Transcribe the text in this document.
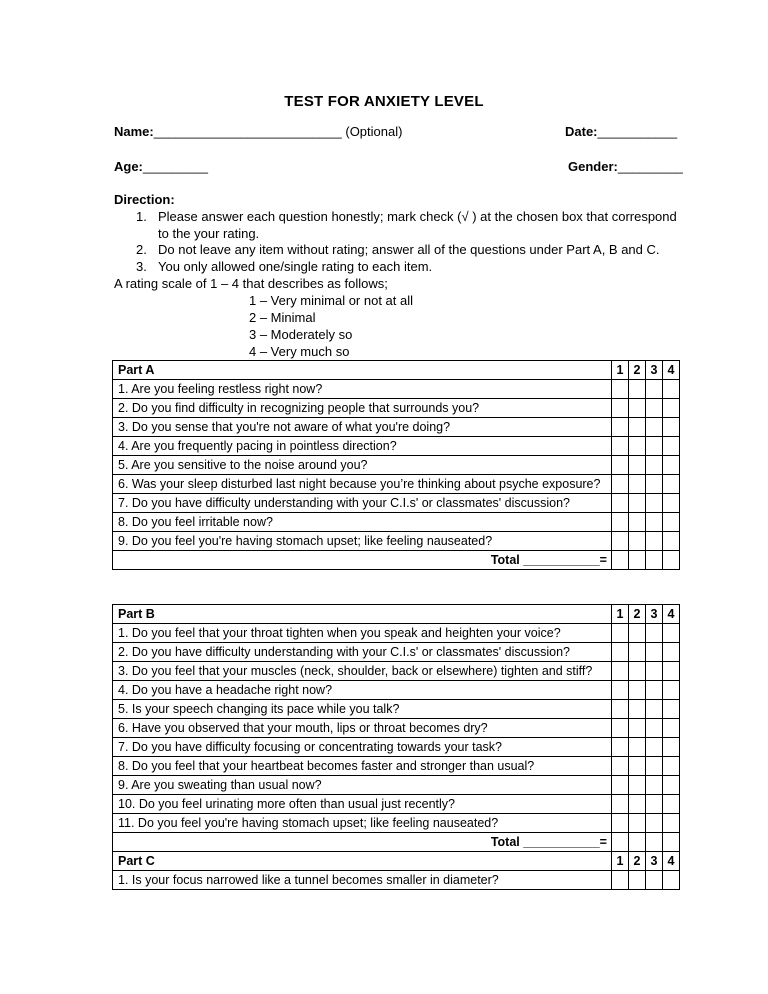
TEST FOR ANXIETY LEVEL
Name:__________________________ (Optional)	Date:___________
Age:_________	Gender:_________
Direction:
1. Please answer each question honestly; mark check (√ ) at the chosen box that correspond to the your rating.
2. Do not leave any item without rating; answer all of the questions under Part A, B and C.
3. You only allowed one/single rating to each item.
A rating scale of 1 – 4 that describes as follows;
1 – Very minimal or not at all
2 – Minimal
3 – Moderately so
4 – Very much so
Part A	1	2	3	4
1. Are you feeling restless right now?				
2. Do you find difficulty in recognizing people that surrounds you?				
3. Do you sense that you're not aware of what you're doing?				
4. Are you frequently pacing in pointless direction?				
5. Are you sensitive to the noise around you?				
6. Was your sleep disturbed last night because you’re thinking about psyche exposure?				
7. Do you have difficulty understanding with your C.I.s' or classmates' discussion?				
8. Do you feel irritable now?				
9. Do you feel you're having stomach upset; like feeling nauseated?				
Total ___________=				
Part B	1	2	3	4
1. Do you feel that your throat tighten when you speak and heighten your voice?				
2. Do you have difficulty understanding with your C.I.s' or classmates' discussion?				
3. Do you feel that your muscles (neck, shoulder, back or elsewhere) tighten and stiff?				
4. Do you have a headache right now?				
5. Is your speech changing its pace while you talk?				
6. Have you observed that your mouth, lips or throat becomes dry?				
7. Do you have difficulty focusing or concentrating towards your task?				
8. Do you feel that your heartbeat becomes faster and stronger than usual?				
9. Are you sweating than usual now?				
10. Do you feel urinating more often than usual just recently?				
11. Do you feel you're having stomach upset; like feeling nauseated?				
Total ___________=				
Part C	1	2	3	4
1. Is your focus narrowed like a tunnel becomes smaller in diameter?				
